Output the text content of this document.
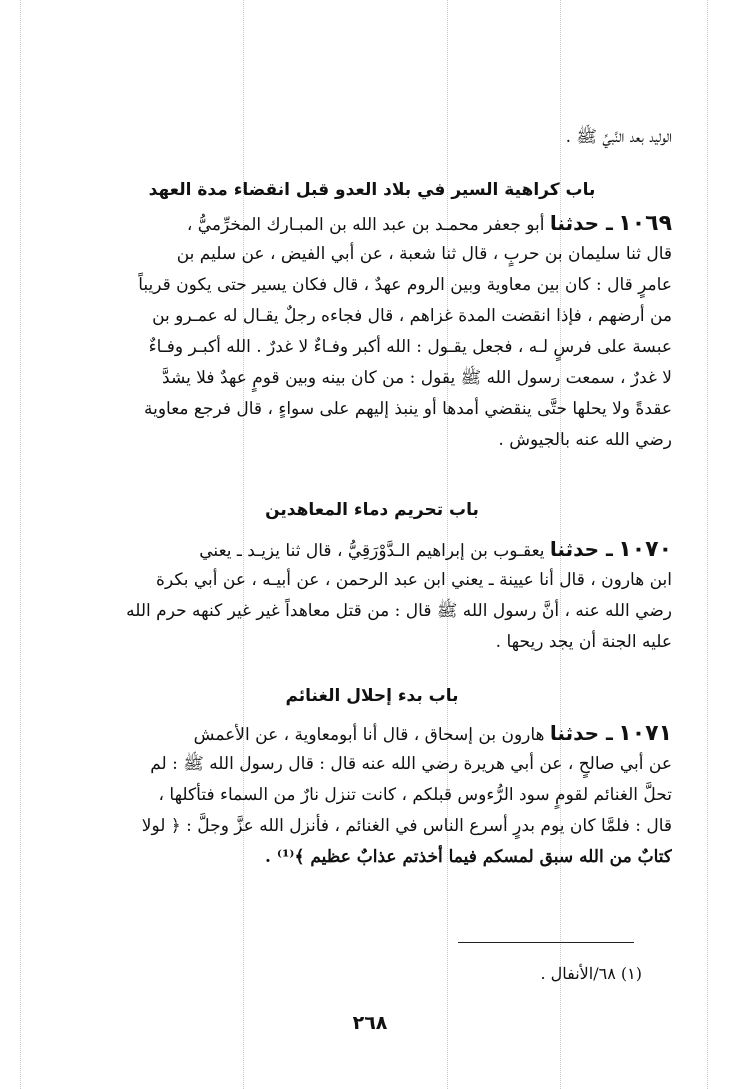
الوليد بعد النَّبيِّ ﷺ .
باب كراهية السير في بلاد العدو قبل انقضاء مدة العهد
١٠٦٩ ـ حدثنا أبو جعفر محمـد بن عبد الله بن المبـارك المخرِّميُّ ،
قال ثنا سليمان بن حربٍ ، قال ثنا شعبة ، عن أبي الفيض ، عن سليم بن
عامرٍ قال : كان بين معاوية وبين الروم عهدٌ ، قال فكان يسير حتى يكون قريباً
من أرضهم ، فإذا انقضت المدة غزاهم ، قال فجاءه رجلٌ يقـال له عمـرو بن
عبسة على فرسٍ لـه ، فجعل يقـول : الله أكبر وفـاءٌ لا غدرٌ . الله أكبـر وفـاءٌ
لا غدرٌ ، سمعت رسول الله ﷺ يقول : من كان بينه وبين قومٍ عهدٌ فلا يشدَّ
عقدةً ولا يحلها حتَّى ينقضي أمدها أو ينبذ إليهم على سواءٍ ، قال فرجع معاوية
رضي الله عنه بالجيوش .
باب تحريم دماء المعاهدين
١٠٧٠ ـ حدثنا يعقـوب بن إبراهيم الـدَّوْرَقِيُّ ، قال ثنا يزيـد ـ يعني
ابن هارون ، قال أنا عيينة ـ يعني ابن عبد الرحمن ، عن أبيـه ، عن أبي بكرة
رضي الله عنه ، أنَّ رسول الله ﷺ قال : من قتل معاهداً غير غير كنهه حرم الله
عليه الجنة أن يجد ريحها .
باب بدء إحلال الغنائم
١٠٧١ ـ حدثنا هارون بن إسحاق ، قال أنا أبومعاوية ، عن الأعمش
عن أبي صالحٍ ، عن أبي هريرة رضي الله عنه قال : قال رسول الله ﷺ : لم
تحلَّ الغنائم لقومٍ سود الرُّءوس قبلكم ، كانت تنزل نارٌ من السماء فتأكلها ،
قال : فلمَّا كان يوم بدرٍ أسرع الناس في الغنائم ، فأنزل الله عزَّ وجلَّ : ﴿ لولا
كتابٌ من الله سبق لمسكم فيما أخذتم عذابٌ عظيم ﴾⁽¹⁾ .
(١) ٦٨/الأنفال .
٢٦٨
